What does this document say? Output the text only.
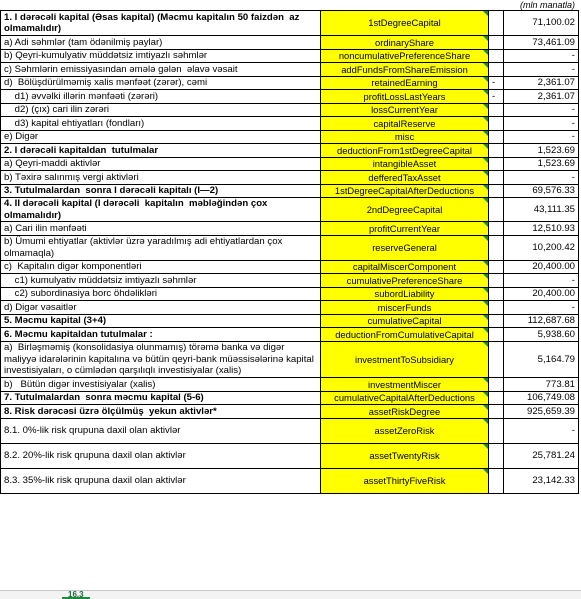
(mln manatla)
1. I dərəcəli kapital (Əsas kapital) (Məcmu kapitalın 50 faizdən  az olmamalıdır)	1stDegreeCapital		71,100.02
a) Adi səhmlər (tam ödənilmiş paylar)	ordinaryShare		73,461.09
b) Qeyri-kumulyativ müddətsiz imtiyazlı səhmlər	noncumulativePreferenceShare		-
c) Səhmlərin emissiyasından əmələ gələn  əlavə vəsait	addFundsFromShareEmission		-
d)  Bölüşdürülməmiş xalis mənfəət (zərər), cəmi	retainedEarning	-	2,361.07
d1) əvvəlki illərin mənfəəti (zərəri)	profitLossLastYears	-	2,361.07
d2) (çıx) cari ilin zərəri	lossCurrentYear		-
d3) kapital ehtiyatları (fondları)	capitalReserve		-
e) Digər	misc		-
2. I dərəcəli kapitaldan  tutulmalar	deductionFrom1stDegreeCapital		1,523.69
a) Qeyri-maddi aktivlər	intangibleAsset		1,523.69
b) Təxirə salınmış vergi aktivləri	defferedTaxAsset		-
3. Tutulmalardan  sonra I dərəcəli kapitalı (I—2)	1stDegreeCapitalAfterDeductions		69,576.33
4. II dərəcəli kapital (I dərəcəli  kapitalın  məbləğindən çox olmamalıdır)	2ndDegreeCapital		43,111.35
a) Cari ilin mənfəəti	profitCurrentYear		12,510.93
b) Ümumi ehtiyatlar (aktivlər üzrə yaradılmış adi ehtiyatlardan çox olmamaqla)	reserveGeneral		10,200.42
c)  Kapitalın digər komponentləri	capitalMiscerComponent		20,400.00
c1) kumulyativ müddətsiz imtiyazlı səhmlər	cumulativePreferenceShare		-
c2) subordinasiya borc öhdəlikləri	subordLiability		20,400.00
d) Digər vəsaitlər	miscerFunds		-
5. Məcmu kapital (3+4)	cumulativeCapital		112,687.68
6. Məcmu kapitaldan tutulmalar :	deductionFromCumulativeCapital		5,938.60
a)  Birləşməmiş (konsolidasiya olunmamış) törəmə banka və digər maliyyə idarələrinin kapitalına və bütün qeyri-bank müəssisələrinə kapital investisiyaları, o cümlədən qarşılıqlı investisiyalar (xalis)	investmentToSubsidiary		5,164.79
b)   Bütün digər investisiyalar (xalis)	investmentMiscer		773.81
7. Tutulmalardan  sonra məcmu kapital (5-6)	cumulativeCapitalAfterDeductions		106,749.08
8. Risk dərəcəsi üzrə ölçülmüş  yekun aktivlər*	assetRiskDegree		925,659.39
8.1. 0%-lik risk qrupuna daxil olan aktivlər	assetZeroRisk		-
8.2. 20%-lik risk qrupuna daxil olan aktivlər	assetTwentyRisk		25,781.24
8.3. 35%-lik risk qrupuna daxil olan aktivlər	assetThirtyFiveRisk		23,142.33
16.3
